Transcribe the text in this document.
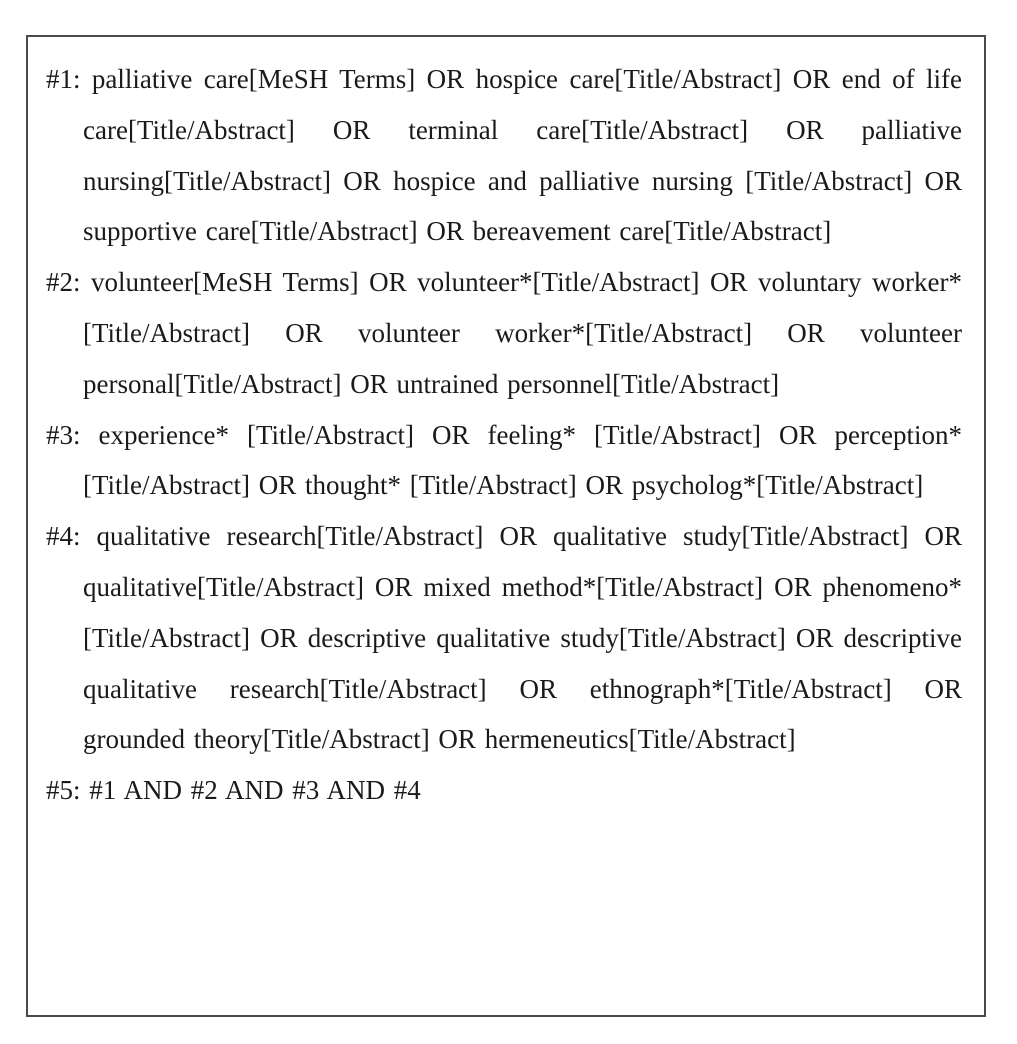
#1: palliative care[MeSH Terms] OR hospice care[Title/Abstract] OR end of life care[Title/Abstract] OR terminal care[Title/Abstract] OR palliative nursing[Title/Abstract] OR hospice and palliative nursing [Title/Abstract] OR supportive care[Title/Abstract] OR bereavement care[Title/Abstract]

#2: volunteer[MeSH Terms] OR volunteer*[Title/Abstract] OR voluntary worker* [Title/Abstract] OR volunteer worker*[Title/Abstract] OR volunteer personal[Title/Abstract] OR untrained personnel[Title/Abstract]

#3: experience* [Title/Abstract] OR feeling* [Title/Abstract] OR perception* [Title/Abstract] OR thought* [Title/Abstract] OR psycholog*[Title/Abstract]

#4: qualitative research[Title/Abstract] OR qualitative study[Title/Abstract] OR qualitative[Title/Abstract] OR mixed method*[Title/Abstract] OR phenomeno* [Title/Abstract] OR descriptive qualitative study[Title/Abstract] OR descriptive qualitative research[Title/Abstract] OR ethnograph*[Title/Abstract] OR grounded theory[Title/Abstract] OR hermeneutics[Title/Abstract]

#5: #1 AND #2 AND #3 AND #4
